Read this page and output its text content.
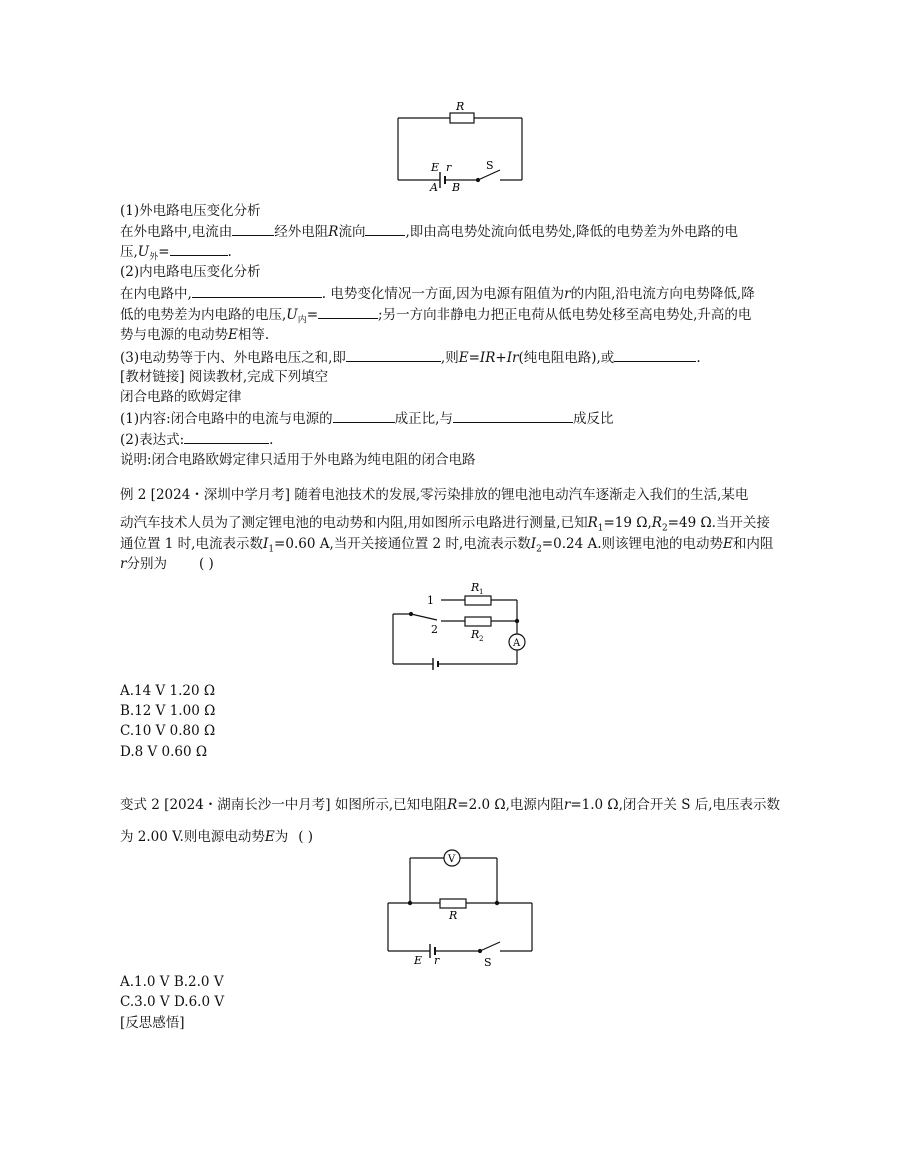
R
E r	S
A B
(1)外电路电压变化分析
在外电路中,电流由	经外电阻R流向	,即由高电势处流向低电势处,降低的电势差为外电路的电
压$,U_外=$	.
(2)内电路电压变化分析
在内电路中,	. 电势变化情况一方面,因为电源有阻值为r的内阻,沿电流方向电势降低,降
低的电势差为内电路的电压$,U_内=$	;另一方向非静电力把正电荷从低电势处移至高电势处,升高的电
势与电源的电动势E相等.
(3)电动势等于内、外电路电压之和,即	,则E=IR+Ir(纯电阻电路),或	.
[教材链接] 阅读教材,完成下列填空
闭合电路的欧姆定律
(1)内容:闭合电路中的电流与电源的	成正比,与	成反比
(2)表达式:	.
说明:闭合电路欧姆定律只适用于外电路为纯电阻的闭合电路
例 2 [2024・深圳中学月考] 随着电池技术的发展,零污染排放的锂电池电动汽车逐渐走入我们的生活,某电
动汽车技术人员为了测定锂电池的电动势和内阻,用如图所示电路进行测量,已知$R_1=19$ $\Omega,R_2=49$ Ω.当开关接
通位置 1 时,电流表示数$I_1=0.60$ A,当开关接通位置 2 时,电流表示数$I_2=0.24$ A.则该锂电池的电动势E和内阻
r分别为 ( )
1
2
R 1
R 2	A
A.14 V 1.20 Ω
B.12 V 1.00 Ω
C.10 V 0.80 Ω
D.8 V 0.60 Ω
变式 2 [2024・湖南长沙一中月考] 如图所示,已知电阻R=2.0 Ω,电源内阻r=1.0 Ω,闭合开关 S 后,电压表示数
为 2.00 V.则电源电动势E为 ( )
V
R
E r	S
A.1.0 V B.2.0 V
C.3.0 V D.6.0 V
[反思感悟]
